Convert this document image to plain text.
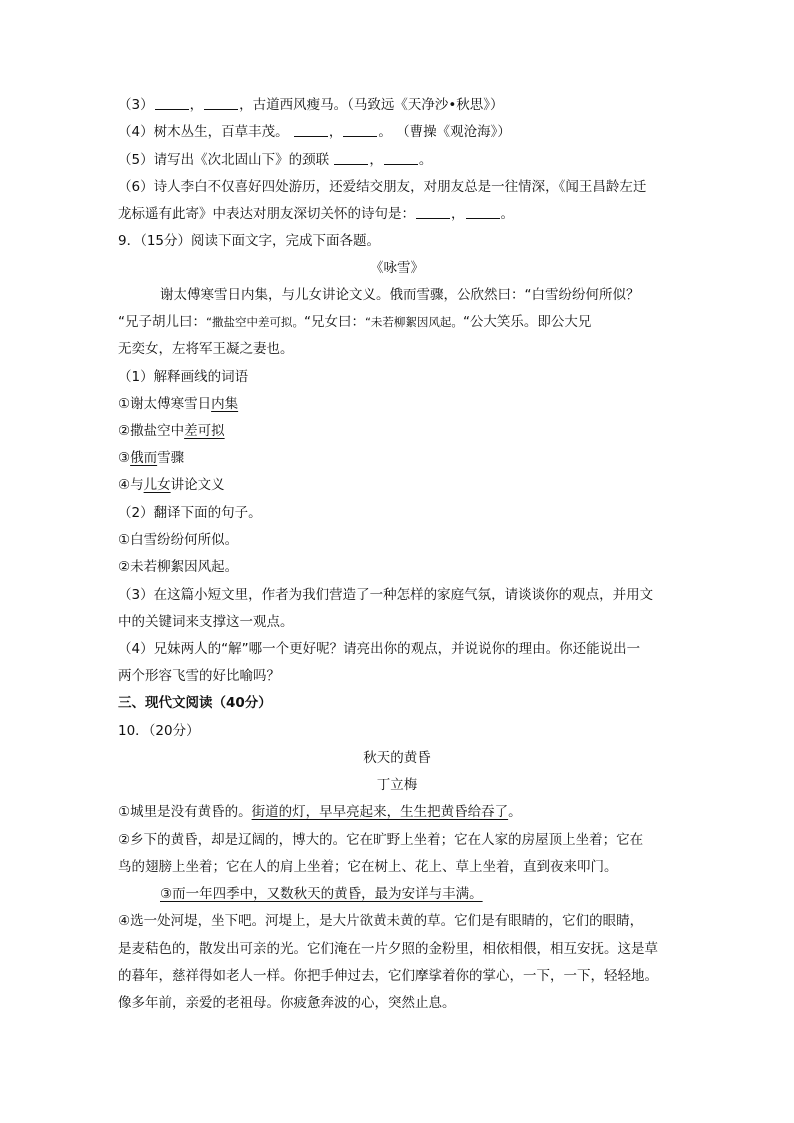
（3）	，	，古道西风瘦马。（马致远《天净沙•秋思》）
（4）树木丛生，百草丰茂。	，	。 （曹操《观沧海》）
（5）请写出《次北固山下》的颈联	，	。
（6）诗人李白不仅喜好四处游历，还爱结交朋友，对朋友总是一往情深，《闻王昌龄左迁
龙标遥有此寄》中表达对朋友深切关怀的诗句是：	，	。
9．（15分）阅读下面文字，完成下面各题。
《咏雪》
谢太傅寒雪日内集，与儿女讲论文义。俄而雪骤，公欣然曰：“白雪纷纷何所似？
“兄子胡儿曰：“撒盐空中差可拟。“兄女曰：“未若柳絮因风起。“公大笑乐。即公大兄
无奕女，左将军王凝之妻也。
（1）解释画线的词语
①谢太傅寒雪日内集
②撒盐空中差可拟
③俄而雪骤
④与儿女讲论文义
（2）翻译下面的句子。
①白雪纷纷何所似。
②未若柳絮因风起。
（3）在这篇小短文里，作者为我们营造了一种怎样的家庭气氛，请谈谈你的观点，并用文
中的关键词来支撑这一观点。
（4）兄妹两人的“解”哪一个更好呢？请亮出你的观点，并说说你的理由。你还能说出一
两个形容飞雪的好比喻吗？
三、现代文阅读（40分）
10．（20分）
秋天的黄昏
丁立梅
①城里是没有黄昏的。街道的灯，早早亮起来，生生把黄昏给吞了。
②乡下的黄昏，却是辽阔的，博大的。它在旷野上坐着；它在人家的房屋顶上坐着；它在
鸟的翅膀上坐着；它在人的肩上坐着；它在树上、花上、草上坐着，直到夜来叩门。
③而一年四季中，又数秋天的黄昏，最为安详与丰满。
④选一处河堤，坐下吧。河堤上，是大片欲黄未黄的草。它们是有眼睛的，它们的眼睛，
是麦秸色的，散发出可亲的光。它们淹在一片夕照的金粉里，相依相偎，相互安抚。这是草
的暮年，慈祥得如老人一样。你把手伸过去，它们摩挲着你的掌心，一下，一下，轻轻地。
像多年前，亲爱的老祖母。你疲惫奔波的心，突然止息。
